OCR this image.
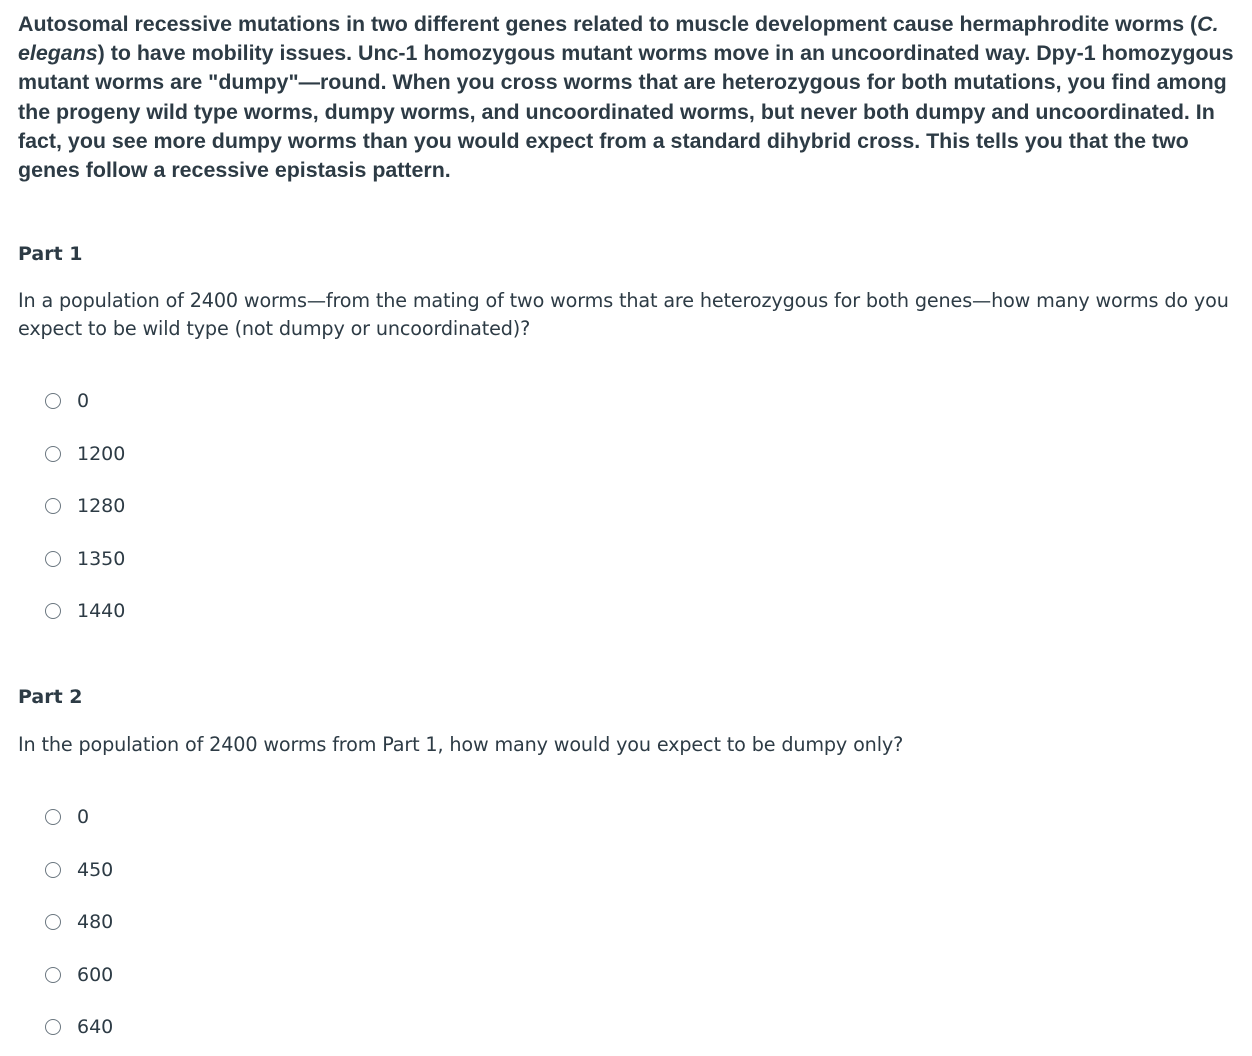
Autosomal recessive mutations in two different genes related to muscle development cause hermaphrodite worms (C. elegans) to have mobility issues. Unc-1 homozygous mutant worms move in an uncoordinated way. Dpy-1 homozygous mutant worms are "dumpy"—round. When you cross worms that are heterozygous for both mutations, you find among the progeny wild type worms, dumpy worms, and uncoordinated worms, but never both dumpy and uncoordinated. In fact, you see more dumpy worms than you would expect from a standard dihybrid cross. This tells you that the two genes follow a recessive epistasis pattern.

Part 1

In a population of 2400 worms—from the mating of two worms that are heterozygous for both genes—how many worms do you expect to be wild type (not dumpy or uncoordinated)?

0
1200
1280
1350
1440
Part 2

In the population of 2400 worms from Part 1, how many would you expect to be dumpy only?

0
450
480
600
640
